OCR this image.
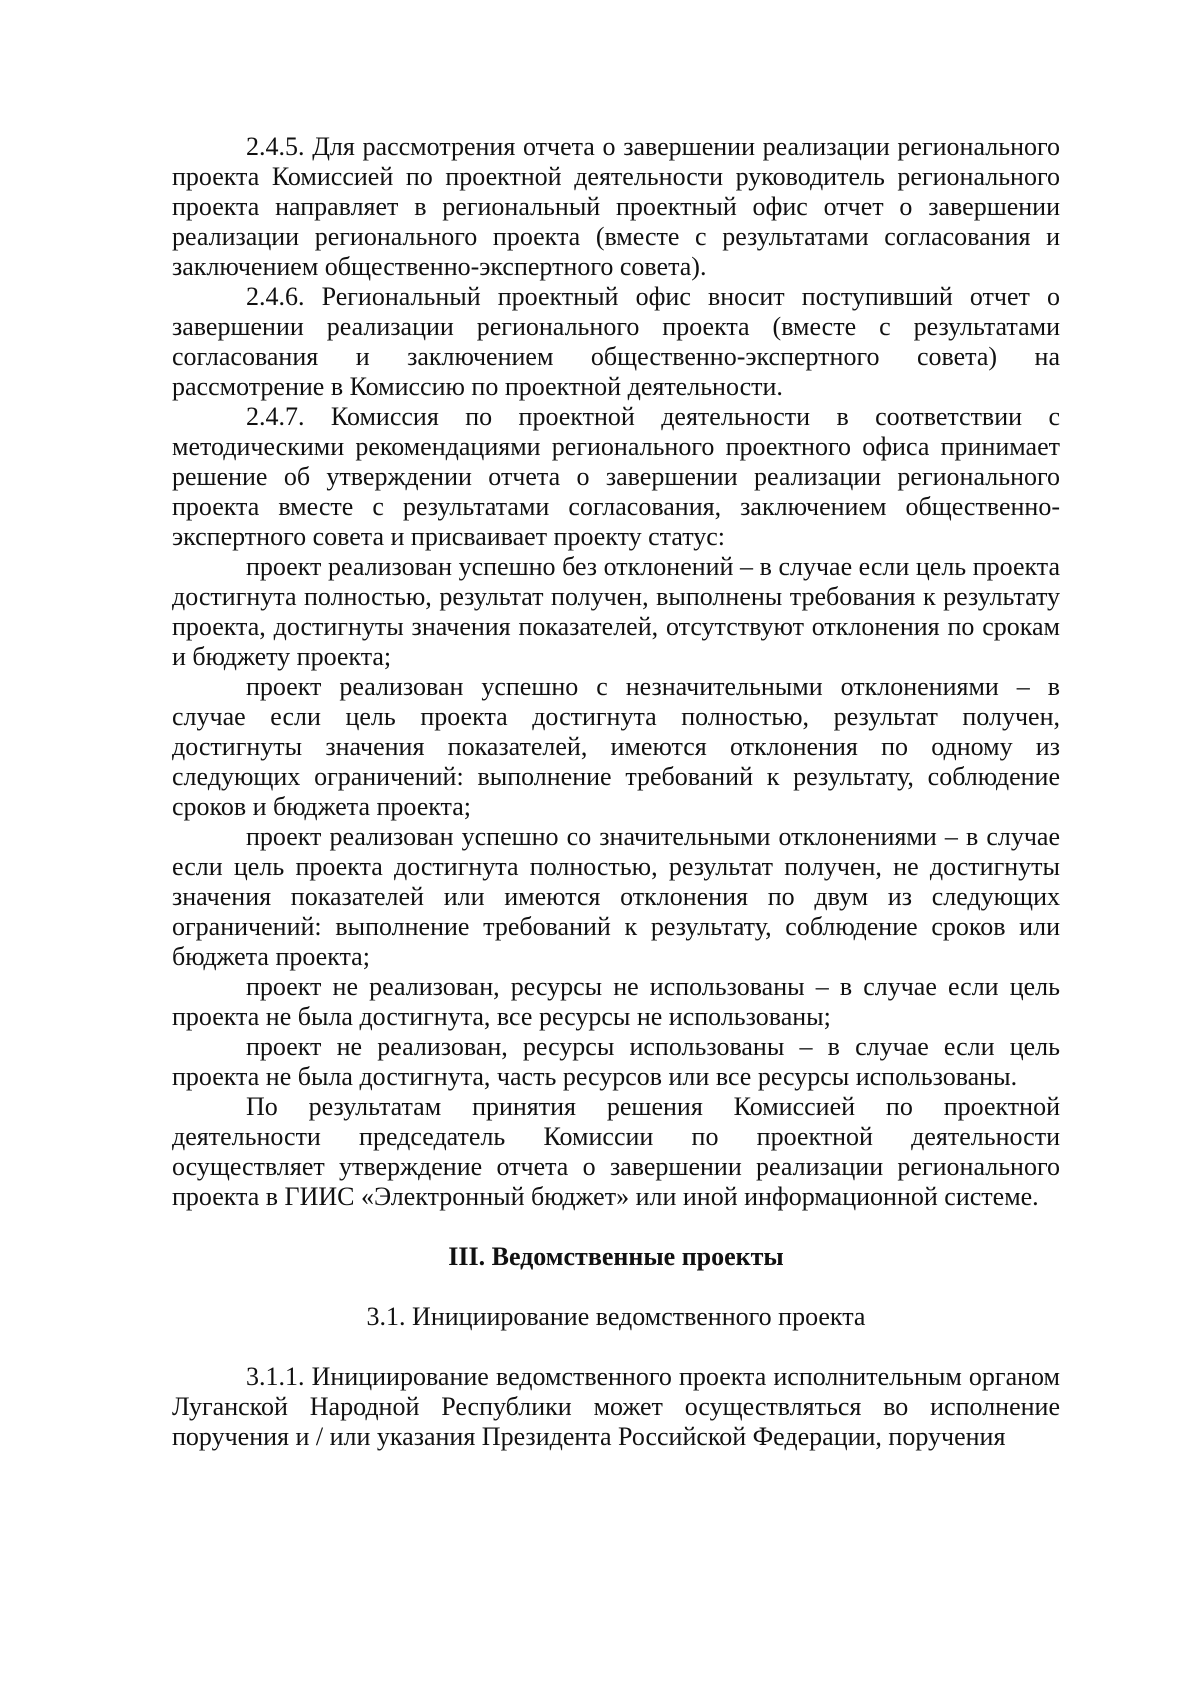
2.4.5. Для рассмотрения отчета о завершении реализации регионального проекта Комиссией по проектной деятельности руководитель регионального проекта направляет в региональный проектный офис отчет о завершении реализации регионального проекта (вместе с результатами согласования и заключением общественно-экспертного совета).

2.4.6. Региональный проектный офис вносит поступивший отчет о завершении реализации регионального проекта (вместе с результатами согласования и заключением общественно-экспертного совета) на рассмотрение в Комиссию по проектной деятельности.

2.4.7. Комиссия по проектной деятельности в соответствии с методическими рекомендациями регионального проектного офиса принимает решение об утверждении отчета о завершении реализации регионального проекта вместе с результатами согласования, заключением общественно-экспертного совета и присваивает проекту статус:

проект реализован успешно без отклонений – в случае если цель проекта достигнута полностью, результат получен, выполнены требования к результату проекта, достигнуты значения показателей, отсутствуют отклонения по срокам и бюджету проекта;

проект реализован успешно с незначительными отклонениями – в случае если цель проекта достигнута полностью, результат получен, достигнуты значения показателей, имеются отклонения по одному из следующих ограничений: выполнение требований к результату, соблюдение сроков и бюджета проекта;

проект реализован успешно со значительными отклонениями – в случае если цель проекта достигнута полностью, результат получен, не достигнуты значения показателей или имеются отклонения по двум из следующих ограничений: выполнение требований к результату, соблюдение сроков или бюджета проекта;

проект не реализован, ресурсы не использованы – в случае если цель проекта не была достигнута, все ресурсы не использованы;

проект не реализован, ресурсы использованы – в случае если цель проекта не была достигнута, часть ресурсов или все ресурсы использованы.

По результатам принятия решения Комиссией по проектной деятельности председатель Комиссии по проектной деятельности осуществляет утверждение отчета о завершении реализации регионального проекта в ГИИС «Электронный бюджет» или иной информационной системе.

III. Ведомственные проекты

3.1. Инициирование ведомственного проекта

3.1.1. Инициирование ведомственного проекта исполнительным органом Луганской Народной Республики может осуществляться во исполнение поручения и / или указания Президента Российской Федерации, поручения
